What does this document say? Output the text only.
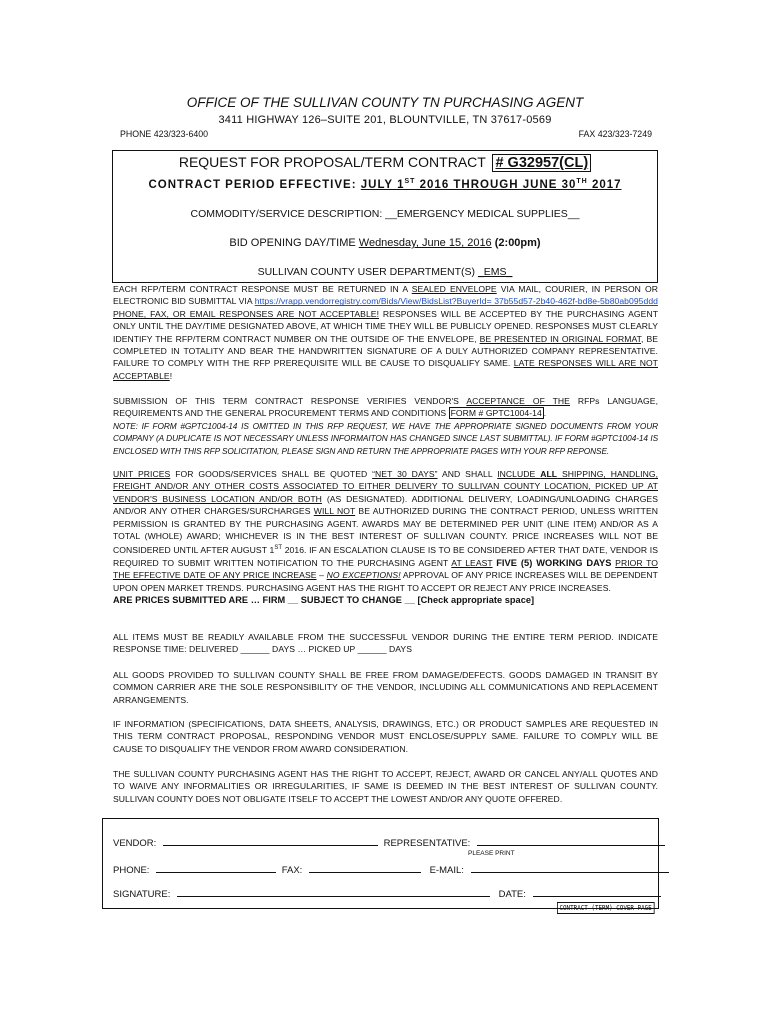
OFFICE OF THE SULLIVAN COUNTY TN PURCHASING AGENT
3411 HIGHWAY 126–SUITE 201, BLOUNTVILLE, TN 37617-0569
PHONE 423/323-6400	FAX 423/323-7249
REQUEST FOR PROPOSAL/TERM CONTRACT # G32957(CL)
CONTRACT PERIOD EFFECTIVE: JULY 1ST 2016 THROUGH JUNE 30TH 2017
COMMODITY/SERVICE DESCRIPTION: __EMERGENCY MEDICAL SUPPLIES__
BID OPENING DAY/TIME Wednesday, June 15, 2016 (2:00pm)
SULLIVAN COUNTY USER DEPARTMENT(S) _EMS_

EACH RFP/TERM CONTRACT RESPONSE MUST BE RETURNED IN A SEALED ENVELOPE VIA MAIL, COURIER, IN PERSON OR ELECTRONIC BID SUBMITTAL VIA https://vrapp.vendorregistry.com/Bids/View/BidsList?BuyerId= 37b55d57-2b40-462f-bd8e-5b80ab095ddd PHONE, FAX, OR EMAIL RESPONSES ARE NOT ACCEPTABLE! RESPONSES WILL BE ACCEPTED BY THE PURCHASING AGENT ONLY UNTIL THE DAY/TIME DESIGNATED ABOVE, AT WHICH TIME THEY WILL BE PUBLICLY OPENED. RESPONSES MUST CLEARLY IDENTIFY THE RFP/TERM CONTRACT NUMBER ON THE OUTSIDE OF THE ENVELOPE, BE PRESENTED IN ORIGINAL FORMAT, BE COMPLETED IN TOTALITY AND BEAR THE HANDWRITTEN SIGNATURE OF A DULY AUTHORIZED COMPANY REPRESENTATIVE. FAILURE TO COMPLY WITH THE RFP PREREQUISITE WILL BE CAUSE TO DISQUALIFY SAME. LATE RESPONSES WILL ARE NOT ACCEPTABLE!

SUBMISSION OF THIS TERM CONTRACT RESPONSE VERIFIES VENDOR'S ACCEPTANCE OF THE RFPs LANGUAGE, REQUIREMENTS AND THE GENERAL PROCUREMENT TERMS AND CONDITIONS FORM # GPTC1004-14 .

NOTE: IF FORM #GPTC1004-14 IS OMITTED IN THIS RFP REQUEST, WE HAVE THE APPROPRIATE SIGNED DOCUMENTS FROM YOUR COMPANY (A DUPLICATE IS NOT NECESSARY UNLESS INFORMAITON HAS CHANGED SINCE LAST SUBMITTAL). IF FORM #GPTC1004-14 IS ENCLOSED WITH THIS RFP SOLICITATION, PLEASE SIGN AND RETURN THE APPROPRIATE PAGES WITH YOUR RFP REPONSE.

UNIT PRICES FOR GOODS/SERVICES SHALL BE QUOTED “NET 30 DAYS” AND SHALL INCLUDE ALL SHIPPING, HANDLING, FREIGHT AND/OR ANY OTHER COSTS ASSOCIATED TO EITHER DELIVERY TO SULLIVAN COUNTY LOCATION, PICKED UP AT VENDOR'S BUSINESS LOCATION AND/OR BOTH (AS DESIGNATED). ADDITIONAL DELIVERY, LOADING/UNLOADING CHARGES AND/OR ANY OTHER CHARGES/SURCHARGES WILL NOT BE AUTHORIZED DURING THE CONTRACT PERIOD, UNLESS WRITTEN PERMISSION IS GRANTED BY THE PURCHASING AGENT. AWARDS MAY BE DETERMINED PER UNIT (LINE ITEM) AND/OR AS A TOTAL (WHOLE) AWARD; WHICHEVER IS IN THE BEST INTEREST OF SULLIVAN COUNTY. PRICE INCREASES WILL NOT BE CONSIDERED UNTIL AFTER AUGUST 1ST 2016. IF AN ESCALATION CLAUSE IS TO BE CONSIDERED AFTER THAT DATE, VENDOR IS REQUIRED TO SUBMIT WRITTEN NOTIFICATION TO THE PURCHASING AGENT AT LEAST FIVE (5) WORKING DAYS PRIOR TO THE EFFECTIVE DATE OF ANY PRICE INCREASE – NO EXCEPTIONS! APPROVAL OF ANY PRICE INCREASES WILL BE DEPENDENT UPON OPEN MARKET TRENDS. PURCHASING AGENT HAS THE RIGHT TO ACCEPT OR REJECT ANY PRICE INCREASES.

ARE PRICES SUBMITTED ARE … FIRM __ SUBJECT TO CHANGE __ [Check appropriate space]

ALL ITEMS MUST BE READILY AVAILABLE FROM THE SUCCESSFUL VENDOR DURING THE ENTIRE TERM PERIOD. INDICATE RESPONSE TIME: DELIVERED ______ DAYS … PICKED UP ______ DAYS

ALL GOODS PROVIDED TO SULLIVAN COUNTY SHALL BE FREE FROM DAMAGE/DEFECTS. GOODS DAMAGED IN TRANSIT BY COMMON CARRIER ARE THE SOLE RESPONSIBILITY OF THE VENDOR, INCLUDING ALL COMMUNICATIONS AND REPLACEMENT ARRANGEMENTS.

IF INFORMATION (SPECIFICATIONS, DATA SHEETS, ANALYSIS, DRAWINGS, ETC.) OR PRODUCT SAMPLES ARE REQUESTED IN THIS TERM CONTRACT PROPOSAL, RESPONDING VENDOR MUST ENCLOSE/SUPPLY SAME. FAILURE TO COMPLY WILL BE CAUSE TO DISQUALIFY THE VENDOR FROM AWARD CONSIDERATION.

THE SULLIVAN COUNTY PURCHASING AGENT HAS THE RIGHT TO ACCEPT, REJECT, AWARD OR CANCEL ANY/ALL QUOTES AND TO WAIVE ANY INFORMALITIES OR IRREGULARITIES, IF SAME IS DEEMED IN THE BEST INTEREST OF SULLIVAN COUNTY. SULLIVAN COUNTY DOES NOT OBLIGATE ITSELF TO ACCEPT THE LOWEST AND/OR ANY QUOTE OFFERED.

VENDOR:	REPRESENTATIVE:
PLEASE PRINT
PHONE:	FAX:	E-MAIL:
SIGNATURE:	DATE:
CONTRACT (TERM) COVER PAGE
